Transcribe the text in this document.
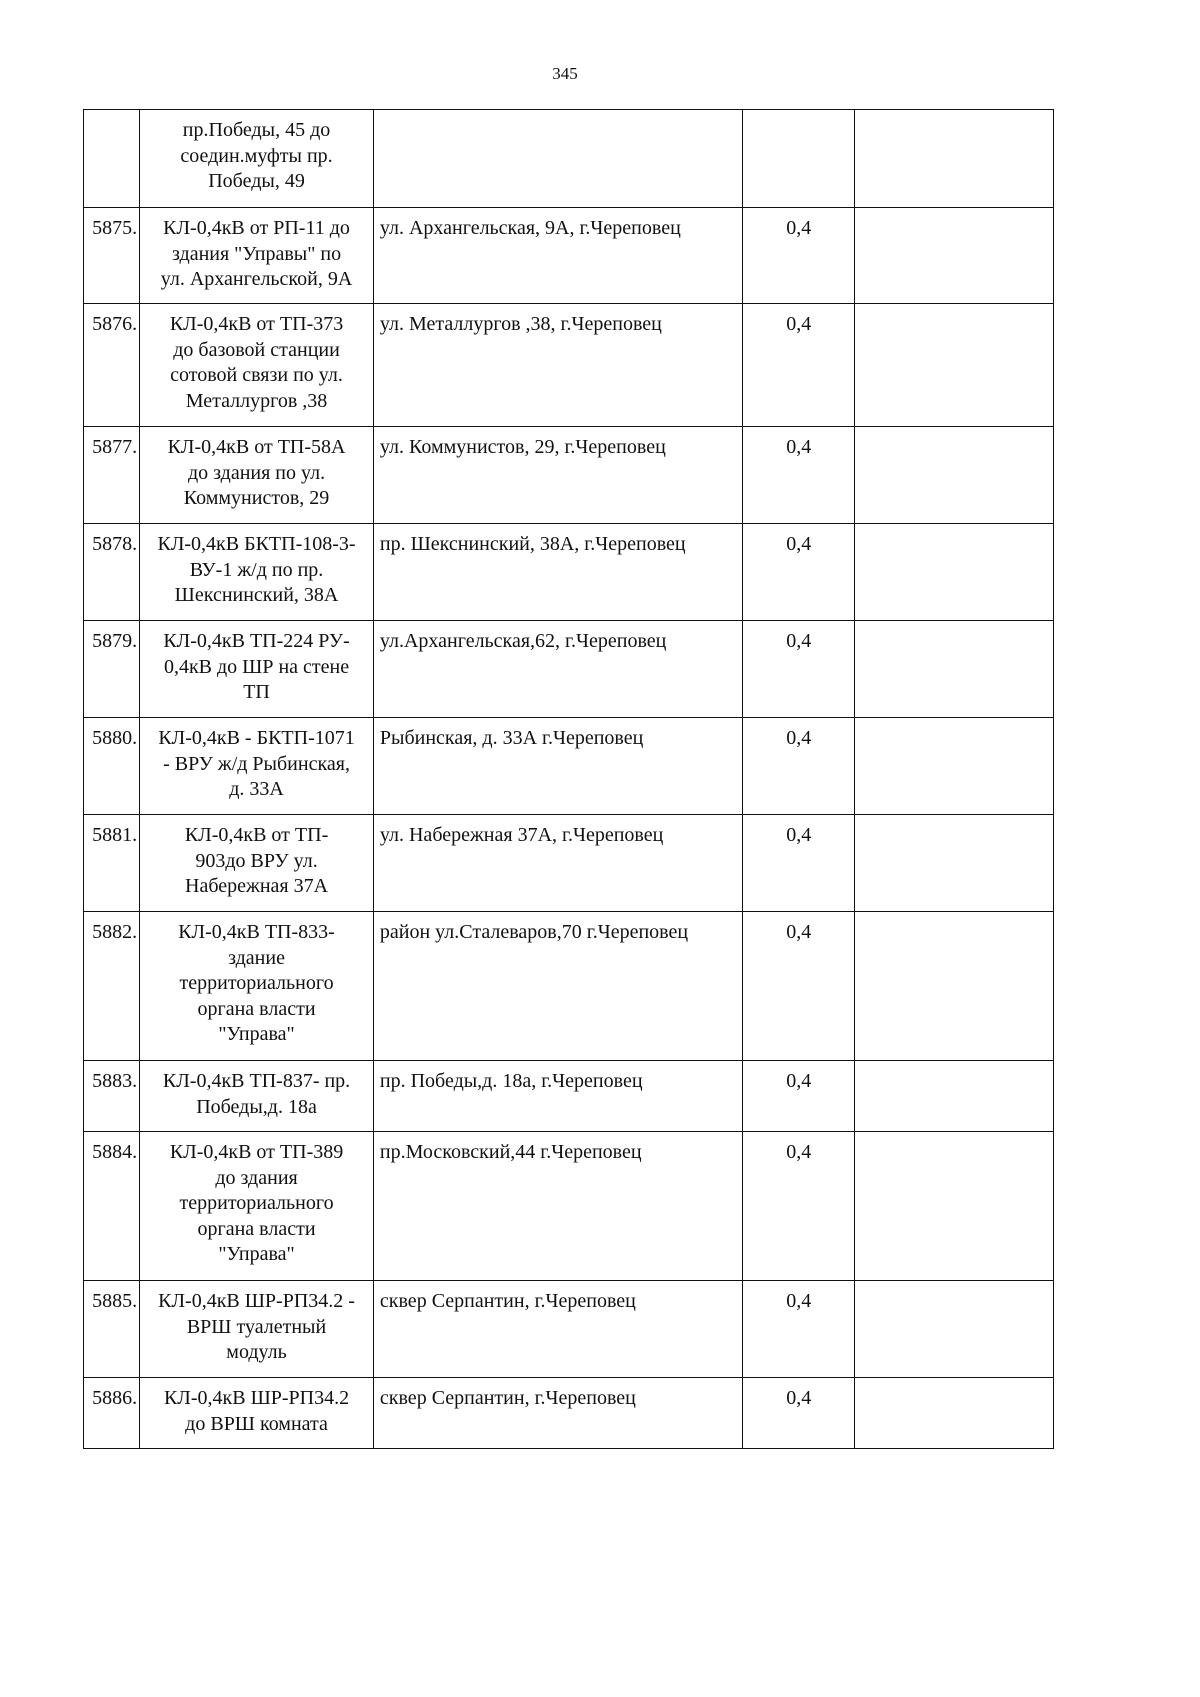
345

	пр.Победы, 45 до
соедин.муфты пр.
Победы, 49			

5875.	КЛ-0,4кВ от РП-11 до
здания "Управы" по
ул. Архангельской, 9А	ул. Архангельская, 9А, г.Череповец	0,4	
5876.	КЛ-0,4кВ от ТП-373
до базовой станции
сотовой связи по ул.
Металлургов ,38	ул. Металлургов ,38, г.Череповец	0,4	
5877.	КЛ-0,4кВ от ТП-58А
до здания по ул.
Коммунистов, 29	ул. Коммунистов, 29, г.Череповец	0,4	
5878.	КЛ-0,4кВ БКТП-108-3-
ВУ-1 ж/д по пр.
Шекснинский, 38А	пр. Шекснинский, 38А, г.Череповец	0,4	
5879.	КЛ-0,4кВ ТП-224 РУ-
0,4кВ до ШР на стене
ТП	ул.Архангельская,62, г.Череповец	0,4	
5880.	КЛ-0,4кВ - БКТП-1071
- ВРУ ж/д Рыбинская,
д. 33А	Рыбинская, д. 33А г.Череповец	0,4	
5881.	КЛ-0,4кВ от ТП-
903до ВРУ ул.
Набережная 37А	ул. Набережная 37А, г.Череповец	0,4	
5882.	КЛ-0,4кВ ТП-833-
здание
территориального
органа власти
"Управа"	район ул.Сталеваров,70 г.Череповец	0,4	
5883.	КЛ-0,4кВ ТП-837- пр.
Победы,д. 18а	пр. Победы,д. 18а, г.Череповец	0,4	
5884.	КЛ-0,4кВ от ТП-389
до здания
территориального
органа власти
"Управа"	пр.Московский,44 г.Череповец	0,4	
5885.	КЛ-0,4кВ ШР-РП34.2 -
ВРШ туалетный
модуль	сквер Серпантин, г.Череповец	0,4	
5886.	КЛ-0,4кВ ШР-РП34.2
до ВРШ комната	сквер Серпантин, г.Череповец	0,4	
